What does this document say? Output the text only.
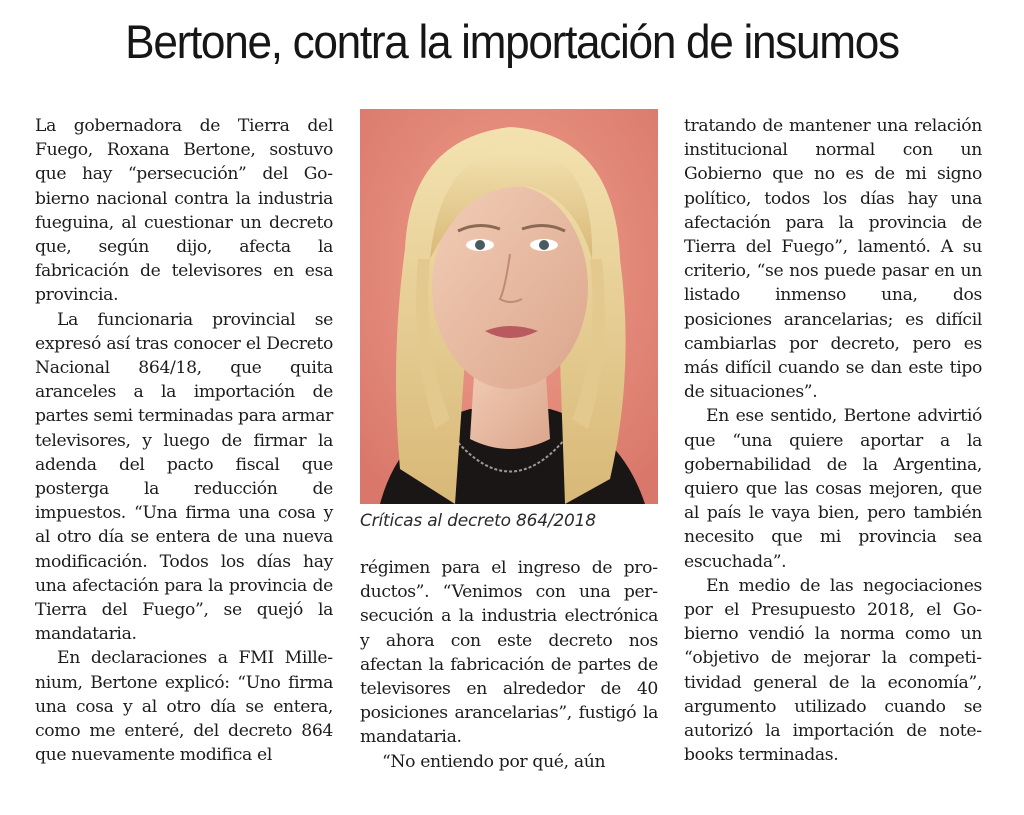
Bertone, contra la importación de insumos

La gobernadora de Tierra del Fuego, Roxana Bertone, sostuvo que hay “persecución” del Gobierno nacional contra la industria fueguina, al cuestionar un decreto que, según dijo, afecta la fabricación de televisores en esa provincia.

La funcionaria provincial se expresó así tras conocer el Decreto Nacional 864/18, que quita aranceles a la importación de partes semi terminadas para armar televisores, y luego de firmar la adenda del pacto fiscal que posterga la reducción de impuestos. “Una firma una cosa y al otro día se entera de una nueva modificación. Todos los días hay una afectación para la provincia de Tierra del Fuego”, se quejó la mandataria.

En declaraciones a FMI Millenium, Bertone explicó: “Uno firma una cosa y al otro día se entera, como me enteré, del decreto 864 que nuevamente modifica el

Críticas al decreto 864/2018

régimen para el ingreso de productos”. “Venimos con una persecución a la industria electrónica y ahora con este decreto nos afectan la fabricación de partes de televisores en alrededor de 40 posiciones arancelarias”, fustigó la mandataria.

“No entiendo por qué, aún

tratando de mantener una relación institucional normal con un Gobierno que no es de mi signo político, todos los días hay una afectación para la provincia de Tierra del Fuego”, lamentó. A su criterio, “se nos puede pasar en un listado inmenso una, dos posiciones arancelarias; es difícil cambiarlas por decreto, pero es más difícil cuando se dan este tipo de situaciones”.

En ese sentido, Bertone advirtió que “una quiere aportar a la gobernabilidad de la Argentina, quiero que las cosas mejoren, que al país le vaya bien, pero también necesito que mi provincia sea escuchada”.

En medio de las negociaciones por el Presupuesto 2018, el Gobierno vendió la norma como un “objetivo de mejorar la competitividad general de la economía”, argumento utilizado cuando se autorizó la importación de notebooks terminadas.
